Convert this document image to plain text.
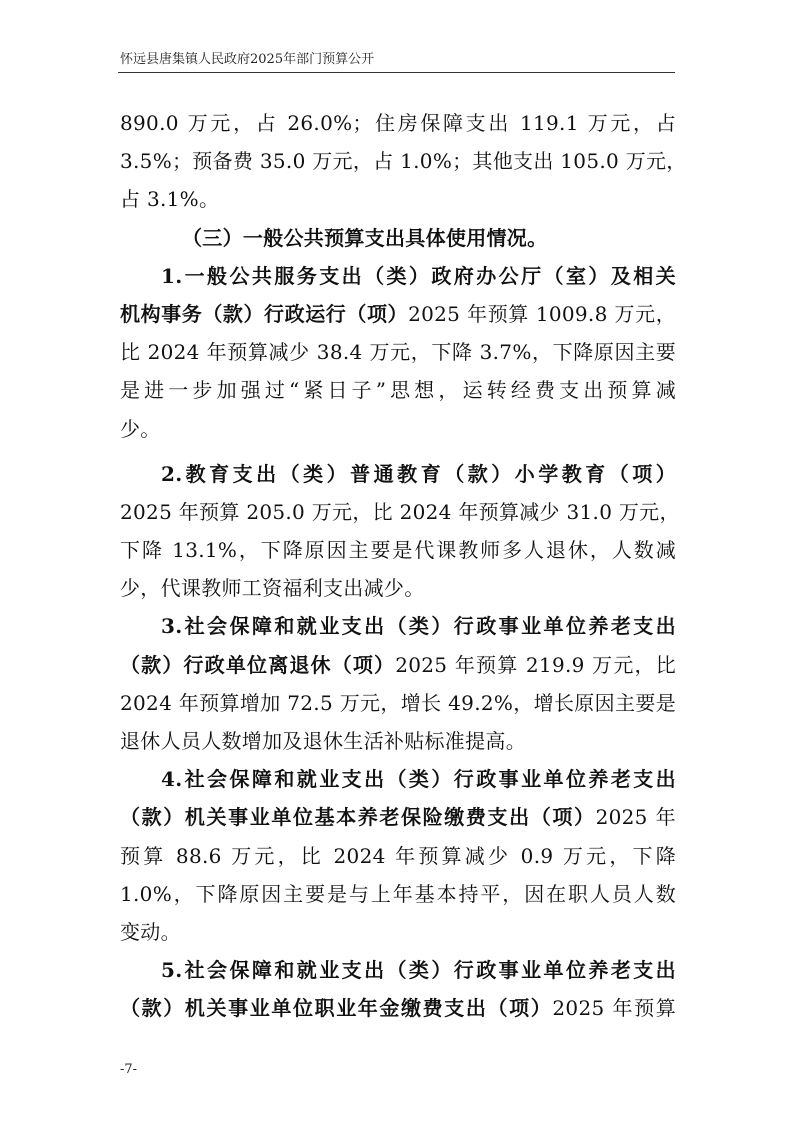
怀远县唐集镇人民政府2025年部门预算公开
890.0 万元，占 26.0%；住房保障支出 119.1 万元，占
3.5%；预备费 35.0 万元，占 1.0%；其他支出 105.0 万元，
占 3.1%。
（三）一般公共预算支出具体使用情况。
1.一般公共服务支出（类）政府办公厅（室）及相关
机构事务（款）行政运行（项）2025 年预算 1009.8 万元，
比 2024 年预算减少 38.4 万元，下降 3.7%，下降原因主要
是进一步加强过“紧日子”思想，运转经费支出预算减
少。
2.教育支出（类）普通教育（款）小学教育（项）
2025 年预算 205.0 万元，比 2024 年预算减少 31.0 万元，
下降 13.1%，下降原因主要是代课教师多人退休，人数减
少，代课教师工资福利支出减少。
3.社会保障和就业支出（类）行政事业单位养老支出
（款）行政单位离退休（项）2025 年预算 219.9 万元，比
2024 年预算增加 72.5 万元，增长 49.2%，增长原因主要是
退休人员人数增加及退休生活补贴标准提高。
4.社会保障和就业支出（类）行政事业单位养老支出
（款）机关事业单位基本养老保险缴费支出（项）2025 年
预算 88.6 万元，比 2024 年预算减少 0.9 万元，下降
1.0%，下降原因主要是与上年基本持平，因在职人员人数
变动。
5.社会保障和就业支出（类）行政事业单位养老支出
（款）机关事业单位职业年金缴费支出（项）2025 年预算
-7-
